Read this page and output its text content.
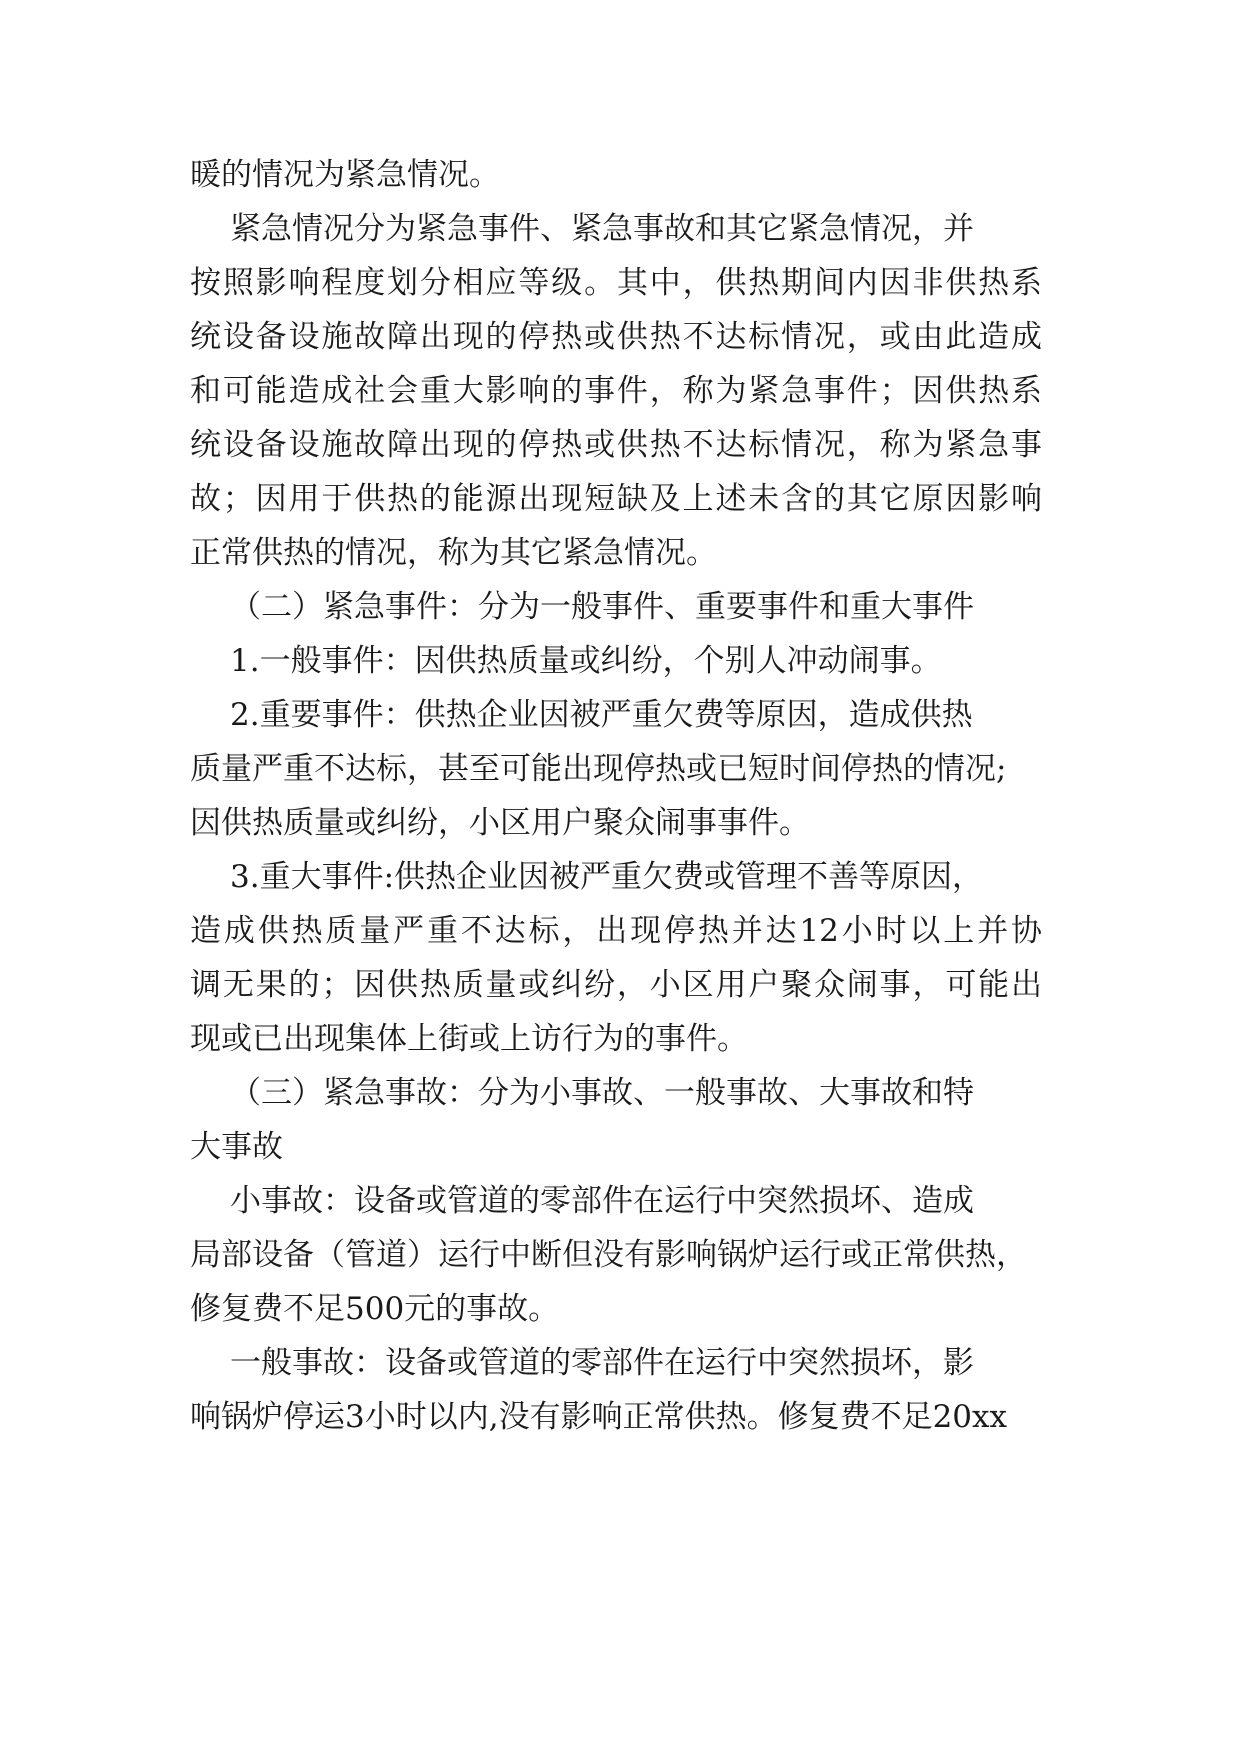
暖的情况为紧急情况。
紧急情况分为紧急事件、紧急事故和其它紧急情况，并
按照影响程度划分相应等级。其中，供热期间内因非供热系
统设备设施故障出现的停热或供热不达标情况，或由此造成
和可能造成社会重大影响的事件，称为紧急事件；因供热系
统设备设施故障出现的停热或供热不达标情况，称为紧急事
故；因用于供热的能源出现短缺及上述未含的其它原因影响
正常供热的情况，称为其它紧急情况。
（二）紧急事件：分为一般事件、重要事件和重大事件
1.一般事件：因供热质量或纠纷，个别人冲动闹事。
2.重要事件：供热企业因被严重欠费等原因，造成供热
质量严重不达标，甚至可能出现停热或已短时间停热的情况;
因供热质量或纠纷，小区用户聚众闹事事件。
3.重大事件:供热企业因被严重欠费或管理不善等原因，
造成供热质量严重不达标，出现停热并达12小时以上并协
调无果的；因供热质量或纠纷，小区用户聚众闹事，可能出
现或已出现集体上街或上访行为的事件。
（三）紧急事故：分为小事故、一般事故、大事故和特
大事故
小事故：设备或管道的零部件在运行中突然损坏、造成
局部设备（管道）运行中断但没有影响锅炉运行或正常供热，
修复费不足500元的事故。
一般事故：设备或管道的零部件在运行中突然损坏，影
响锅炉停运3小时以内,没有影响正常供热。修复费不足20xx
